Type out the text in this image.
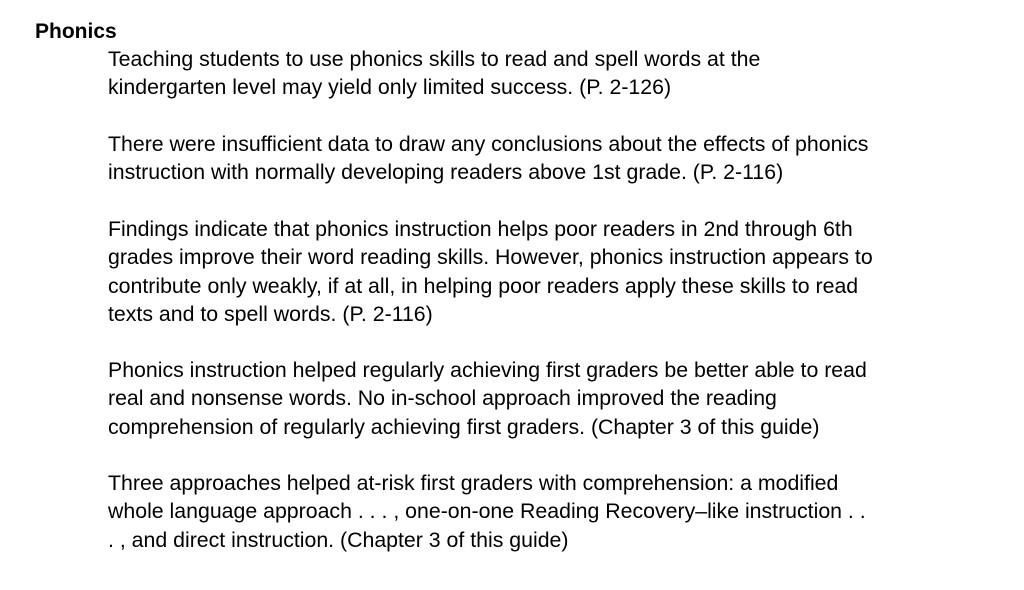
Phonics

Teaching students to use phonics skills to read and spell words at the
kindergarten level may yield only limited success. (P. 2-126)

There were insufficient data to draw any conclusions about the effects of phonics
instruction with normally developing readers above 1st grade. (P. 2-116)

Findings indicate that phonics instruction helps poor readers in 2nd through 6th
grades improve their word reading skills. However, phonics instruction appears to
contribute only weakly, if at all, in helping poor readers apply these skills to read
texts and to spell words. (P. 2-116)

Phonics instruction helped regularly achieving first graders be better able to read
real and nonsense words. No in-school approach improved the reading
comprehension of regularly achieving first graders. (Chapter 3 of this guide)

Three approaches helped at-risk first graders with comprehension: a modified
whole language approach . . . , one-on-one Reading Recovery–like instruction . .
. , and direct instruction. (Chapter 3 of this guide)
